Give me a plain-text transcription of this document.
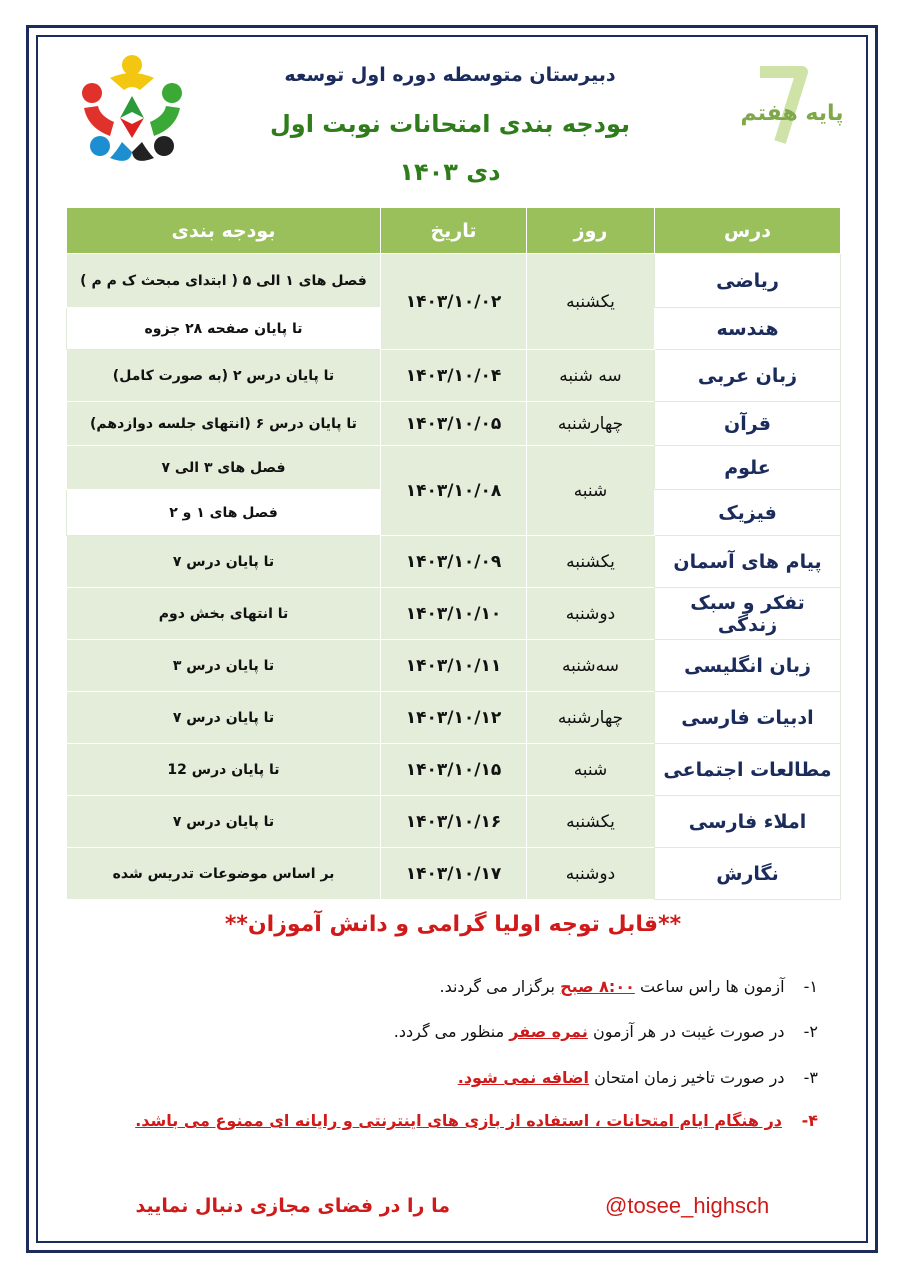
پایه هفتم
دبیرستان متوسطه دوره اول توسعه
بودجه بندی امتحانات نوبت اول
دی ۱۴۰۳
درس	روز	تاریخ	بودجه بندی
ریاضی	یکشنبه	۱۴۰۳/۱۰/۰۲	فصل های ۱ الی ۵ ( ابتدای مبحث ک م م )
هندسه			تا پایان صفحه ۲۸ جزوه
زبان عربی	سه شنبه	۱۴۰۳/۱۰/۰۴	تا پایان درس ۲ (به صورت کامل)
قرآن	چهارشنبه	۱۴۰۳/۱۰/۰۵	تا پایان درس ۶ (انتهای جلسه دوازدهم)
علوم	شنبه	۱۴۰۳/۱۰/۰۸	فصل های ۳ الی ۷
فیزیک			فصل های ۱ و ۲
پیام های آسمان	یکشنبه	۱۴۰۳/۱۰/۰۹	تا پایان درس ۷
تفکر و سبک زندگی	دوشنبه	۱۴۰۳/۱۰/۱۰	تا انتهای بخش دوم
زبان انگلیسی	سه‌شنبه	۱۴۰۳/۱۰/۱۱	تا پایان درس ۳
ادبیات فارسی	چهارشنبه	۱۴۰۳/۱۰/۱۲	تا پایان درس ۷
مطالعات اجتماعی	شنبه	۱۴۰۳/۱۰/۱۵	تا پایان درس 12
املاء فارسی	یکشنبه	۱۴۰۳/۱۰/۱۶	تا پایان درس ۷
نگارش	دوشنبه	۱۴۰۳/۱۰/۱۷	بر اساس موضوعات تدریس شده
**قابل توجه اولیا گرامی و دانش آموزان**
۱- آزمون ها راس ساعت ۸:۰۰ صبح برگزار می گردند.
۲- در صورت غیبت در هر آزمون نمره صفر منظور می گردد.
۳- در صورت تاخیر زمان امتحان اضافه نمی شود.
۴- در هنگام ایام امتحانات ، استفاده از بازی های اینترنتی و رایانه ای ممنوع می باشد.
@tosee_highsch
ما را در فضای مجازی دنبال نمایید
